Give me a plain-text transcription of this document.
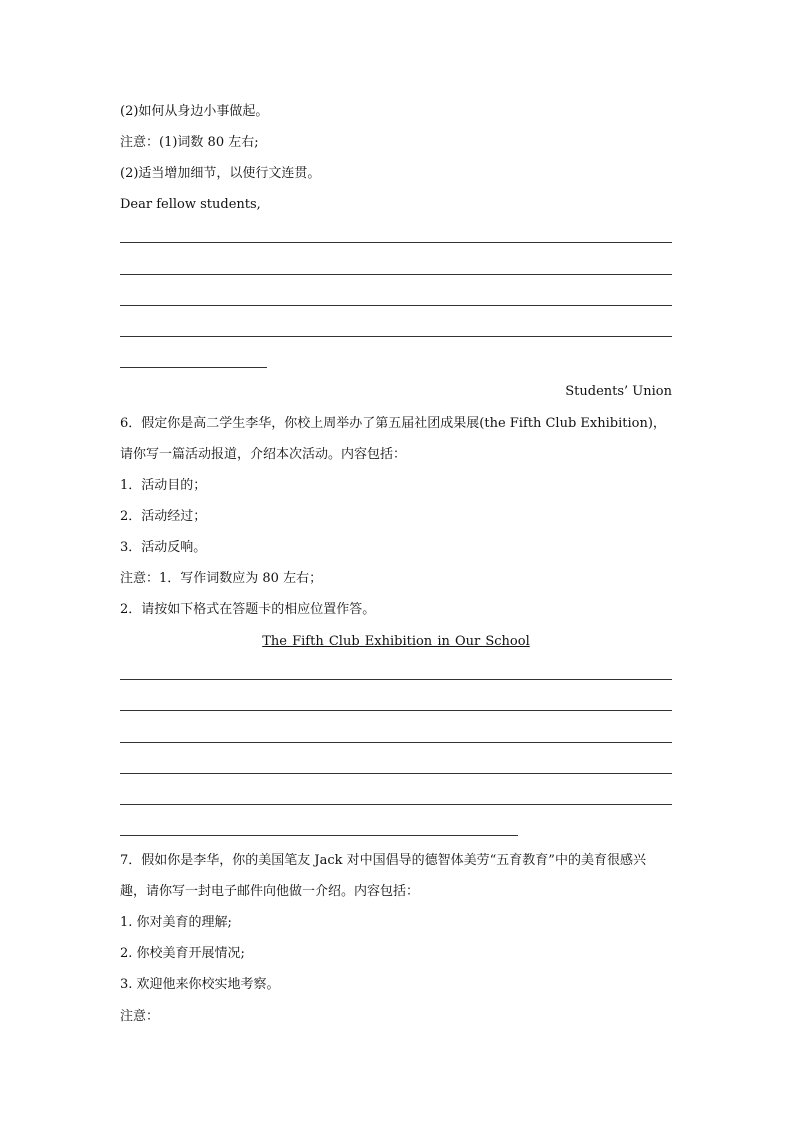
(2)如何从身边小事做起。
注意：(1)词数 80 左右;
(2)适当增加细节，以使行文连贯。
Dear fellow students,
Students’ Union
6．假定你是高二学生李华，你校上周举办了第五届社团成果展(the Fifth Club Exhibition)，
请你写一篇活动报道，介绍本次活动。内容包括：
1．活动目的；
2．活动经过；
3．活动反响。
注意：1．写作词数应为 80 左右；
2．请按如下格式在答题卡的相应位置作答。
The Fifth Club Exhibition in Our School
7．假如你是李华，你的美国笔友 Jack 对中国倡导的德智体美劳“五育教育”中的美育很感兴
趣，请你写一封电子邮件向他做一介绍。内容包括：
1. 你对美育的理解;
2. 你校美育开展情况;
3. 欢迎他来你校实地考察。
注意：
